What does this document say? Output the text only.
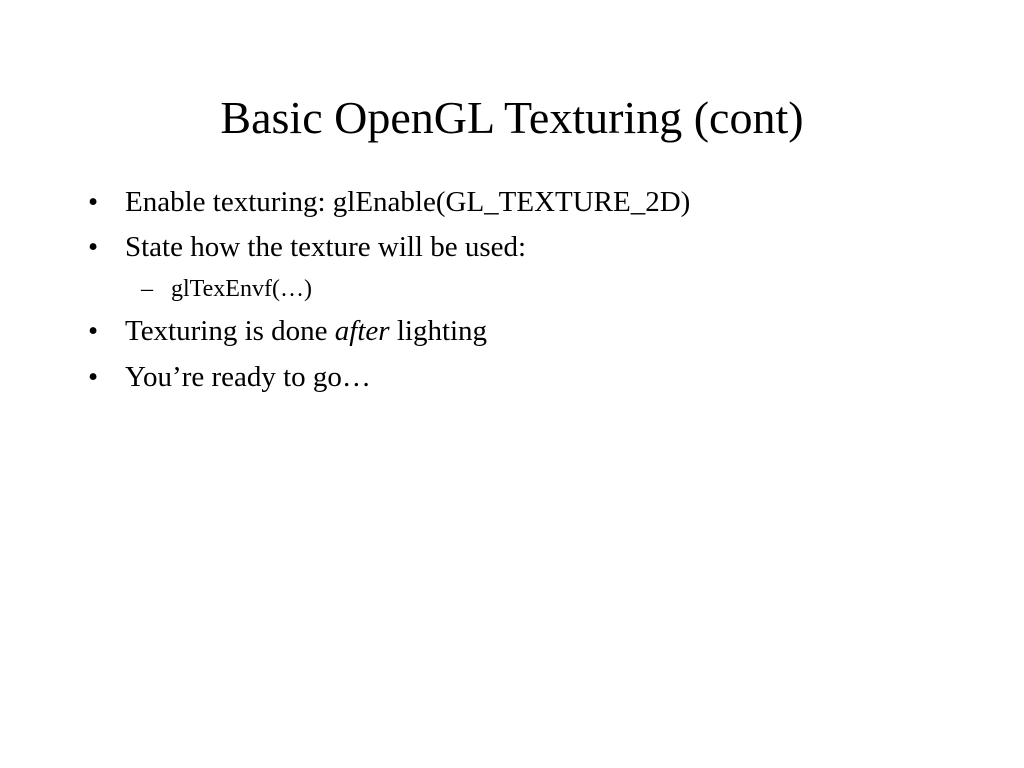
Basic OpenGL Texturing (cont)
• Enable texturing: glEnable(GL_TEXTURE_2D)
• State how the texture will be used:
– glTexEnvf(…)
• Texturing is done after lighting
• You’re ready to go…
